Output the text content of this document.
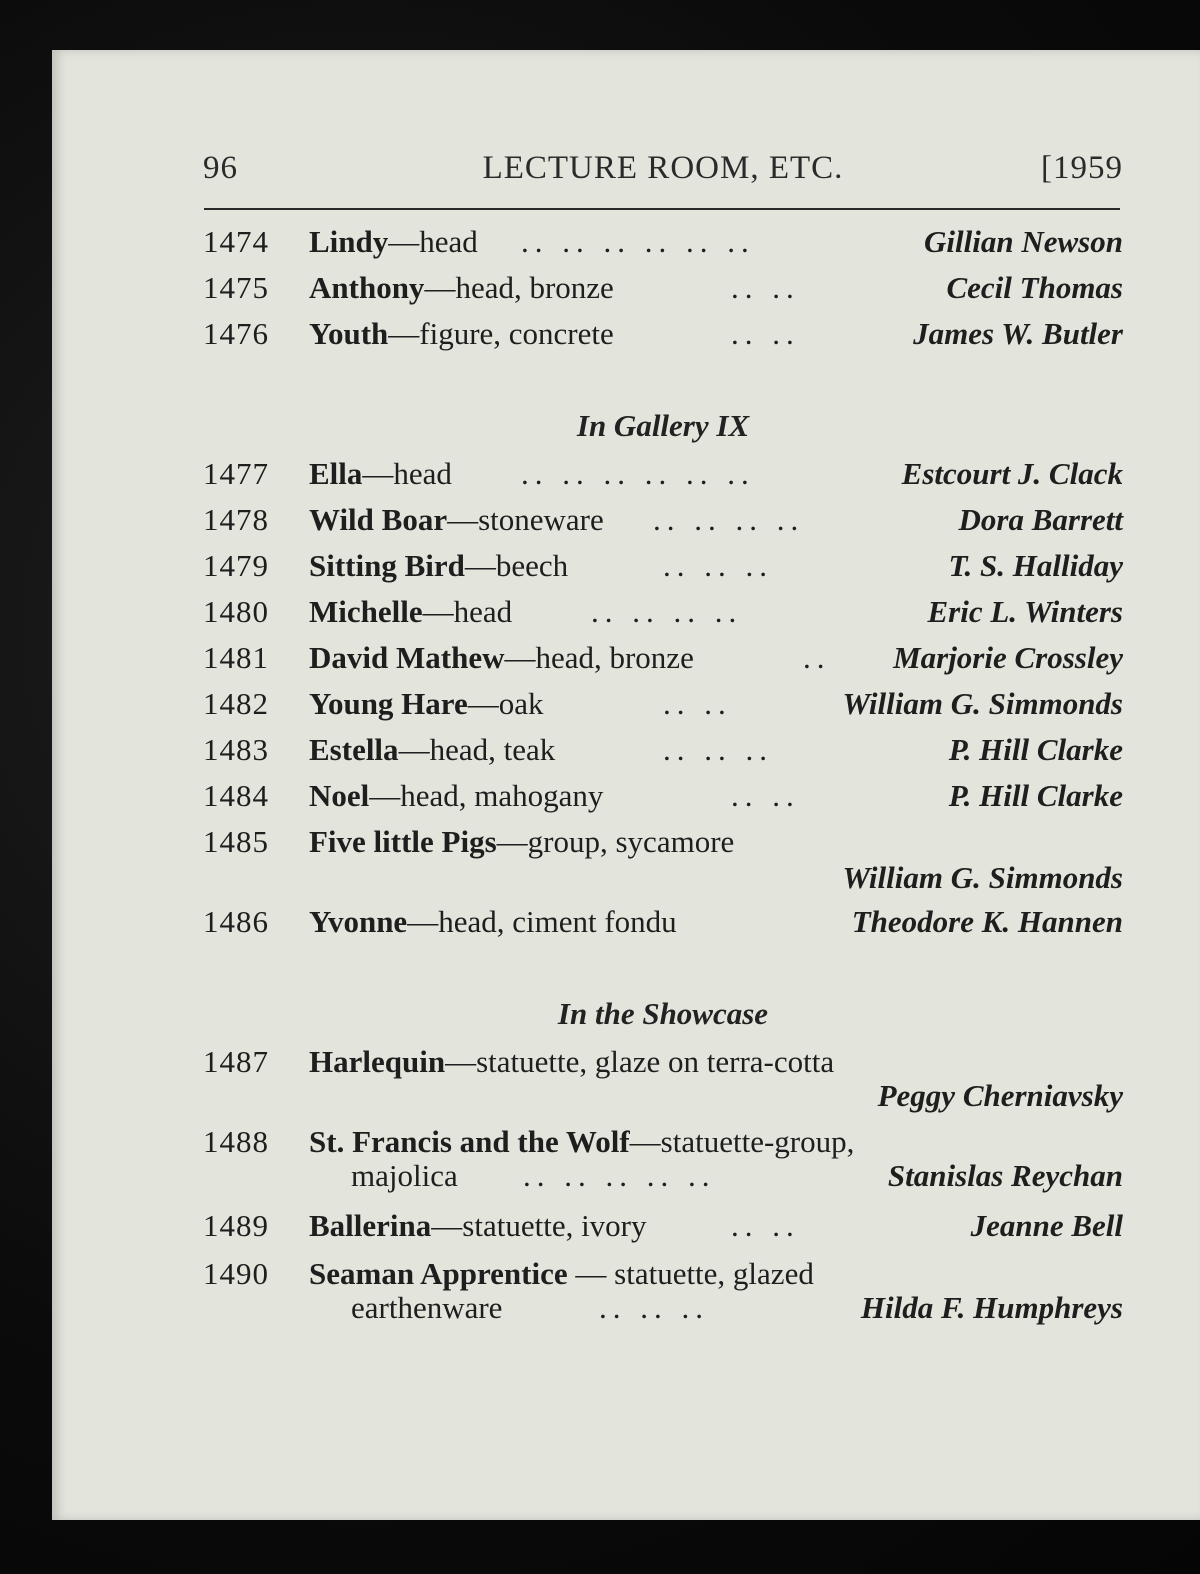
96	LECTURE ROOM, ETC.	[1959
1474 Lindy—head .. .. .. .. .. ..	Gillian Newson
1475 Anthony—head, bronze	.. ..	Cecil Thomas
1476 Youth—figure, concrete	.. ..	James W. Butler
In Gallery IX
1477 Ella—head .. .. .. .. .. ..	Estcourt J. Clack
1478 Wild Boar—stoneware .. .. .. ..	Dora Barrett
1479 Sitting Bird—beech	.. .. ..	T. S. Halliday
1480 Michelle—head	.. .. .. ..	Eric L. Winters
1481 David Mathew—head, bronze	.. Marjorie Crossley
1482 Young Hare—oak	.. ..	William G. Simmonds
1483 Estella—head, teak	.. .. ..	P. Hill Clarke
1484 Noel—head, mahogany	.. ..	P. Hill Clarke
1485 Five little Pigs—group, sycamore
William G. Simmonds
1486 Yvonne—head, ciment fondu	Theodore K. Hannen
In the Showcase
1487 Harlequin—statuette, glaze on terra-cotta
Peggy Cherniavsky
1488 St. Francis and the Wolf—statuette-group,
majolica .. .. .. .. ..	Stanislas Reychan
1489 Ballerina—statuette, ivory	.. ..	Jeanne Bell
1490 Seaman Apprentice — statuette, glazed
earthenware	.. .. ..	Hilda F. Humphreys
